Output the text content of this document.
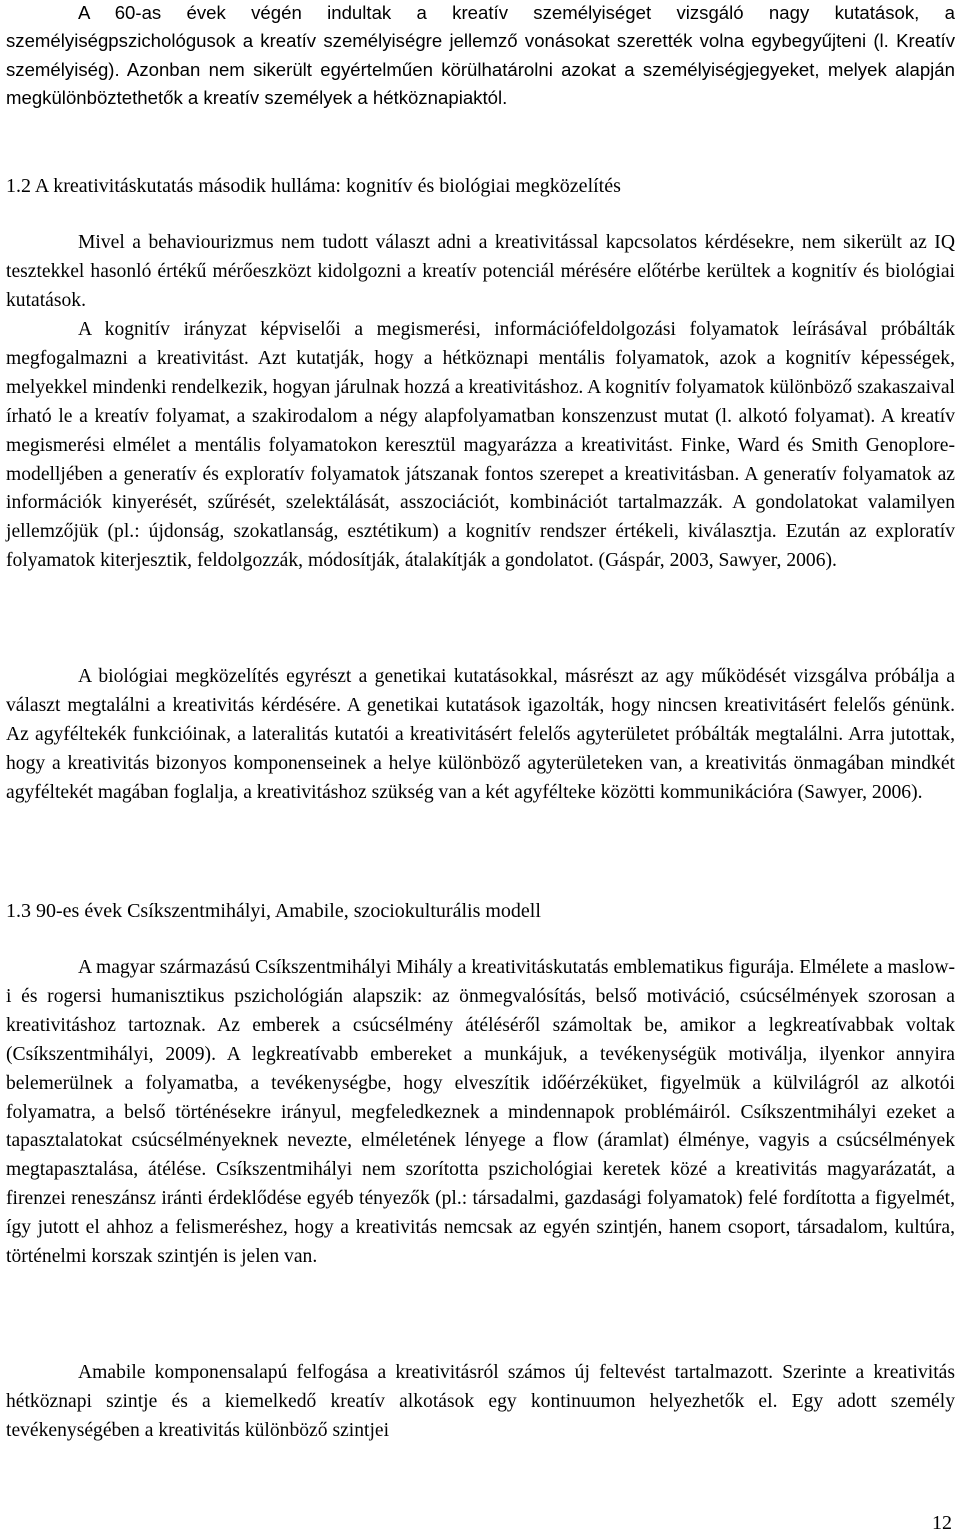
A 60-as évek végén indultak a kreatív személyiséget vizsgáló nagy kutatások, a személyiségpszichológusok a kreatív személyiségre jellemző vonásokat szerették volna egybegyűjteni (l. Kreatív személyiség). Azonban nem sikerült egyértelműen körülhatárolni azokat a személyiségjegyeket, melyek alapján megkülönböztethetők a kreatív személyek a hétköznapiaktól.

1.2 A kreativitáskutatás második hulláma: kognitív és biológiai megközelítés

Mivel a behaviourizmus nem tudott választ adni a kreativitással kapcsolatos kérdésekre, nem sikerült az IQ tesztekkel hasonló értékű mérőeszközt kidolgozni a kreatív potenciál mérésére előtérbe kerültek a kognitív és biológiai kutatások.

A kognitív irányzat képviselői a megismerési, információfeldolgozási folyamatok leírásával próbálták megfogalmazni a kreativitást. Azt kutatják, hogy a hétköznapi mentális folyamatok, azok a kognitív képességek, melyekkel mindenki rendelkezik, hogyan járulnak hozzá a kreativitáshoz. A kognitív folyamatok különböző szakaszaival írható le a kreatív folyamat, a szakirodalom a négy alapfolyamatban konszenzust mutat (l. alkotó folyamat). A kreatív megismerési elmélet a mentális folyamatokon keresztül magyarázza a kreativitást. Finke, Ward és Smith Genoplore-modelljében a generatív és exploratív folyamatok játszanak fontos szerepet a kreativitásban. A generatív folyamatok az információk kinyerését, szűrését, szelektálását, asszociációt, kombinációt tartalmazzák. A gondolatokat valamilyen jellemzőjük (pl.: újdonság, szokatlanság, esztétikum) a kognitív rendszer értékeli, kiválasztja. Ezután az exploratív folyamatok kiterjesztik, feldolgozzák, módosítják, átalakítják a gondolatot. (Gáspár, 2003, Sawyer, 2006).

A biológiai megközelítés egyrészt a genetikai kutatásokkal, másrészt az agy működését vizsgálva próbálja a választ megtalálni a kreativitás kérdésére. A genetikai kutatások igazolták, hogy nincsen kreativitásért felelős génünk. Az agyféltekék funkcióinak, a lateralitás kutatói a kreativitásért felelős agyterületet próbálták megtalálni. Arra jutottak, hogy a kreativitás bizonyos komponenseinek a helye különböző agyterületeken van, a kreativitás önmagában mindkét agyféltekét magában foglalja, a kreativitáshoz szükség van a két agyfélteke közötti kommunikációra (Sawyer, 2006).

1.3 90-es évek Csíkszentmihályi, Amabile, szociokulturális modell

A magyar származású Csíkszentmihályi Mihály a kreativitáskutatás emblematikus figurája. Elmélete a maslow-i és rogersi humanisztikus pszichológián alapszik: az önmegvalósítás, belső motiváció, csúcsélmények szorosan a kreativitáshoz tartoznak. Az emberek a csúcsélmény átéléséről számoltak be, amikor a legkreatívabbak voltak (Csíkszentmihályi, 2009). A legkreatívabb embereket a munkájuk, a tevékenységük motiválja, ilyenkor annyira belemerülnek a folyamatba, a tevékenységbe, hogy elveszítik időérzéküket, figyelmük a külvilágról az alkotói folyamatra, a belső történésekre irányul, megfeledkeznek a mindennapok problémáiról. Csíkszentmihályi ezeket a tapasztalatokat csúcsélményeknek nevezte, elméletének lényege a flow (áramlat) élménye, vagyis a csúcsélmények megtapasztalása, átélése. Csíkszentmihályi nem szorította pszichológiai keretek közé a kreativitás magyarázatát, a firenzei reneszánsz iránti érdeklődése egyéb tényezők (pl.: társadalmi, gazdasági folyamatok) felé fordította a figyelmét, így jutott el ahhoz a felismeréshez, hogy a kreativitás nemcsak az egyén szintjén, hanem csoport, társadalom, kultúra, történelmi korszak szintjén is jelen van.

Amabile komponensalapú felfogása a kreativitásról számos új feltevést tartalmazott. Szerinte a kreativitás hétköznapi szintje és a kiemelkedő kreatív alkotások egy kontinuumon helyezhetők el. Egy adott személy tevékenységében a kreativitás különböző szintjei

12
